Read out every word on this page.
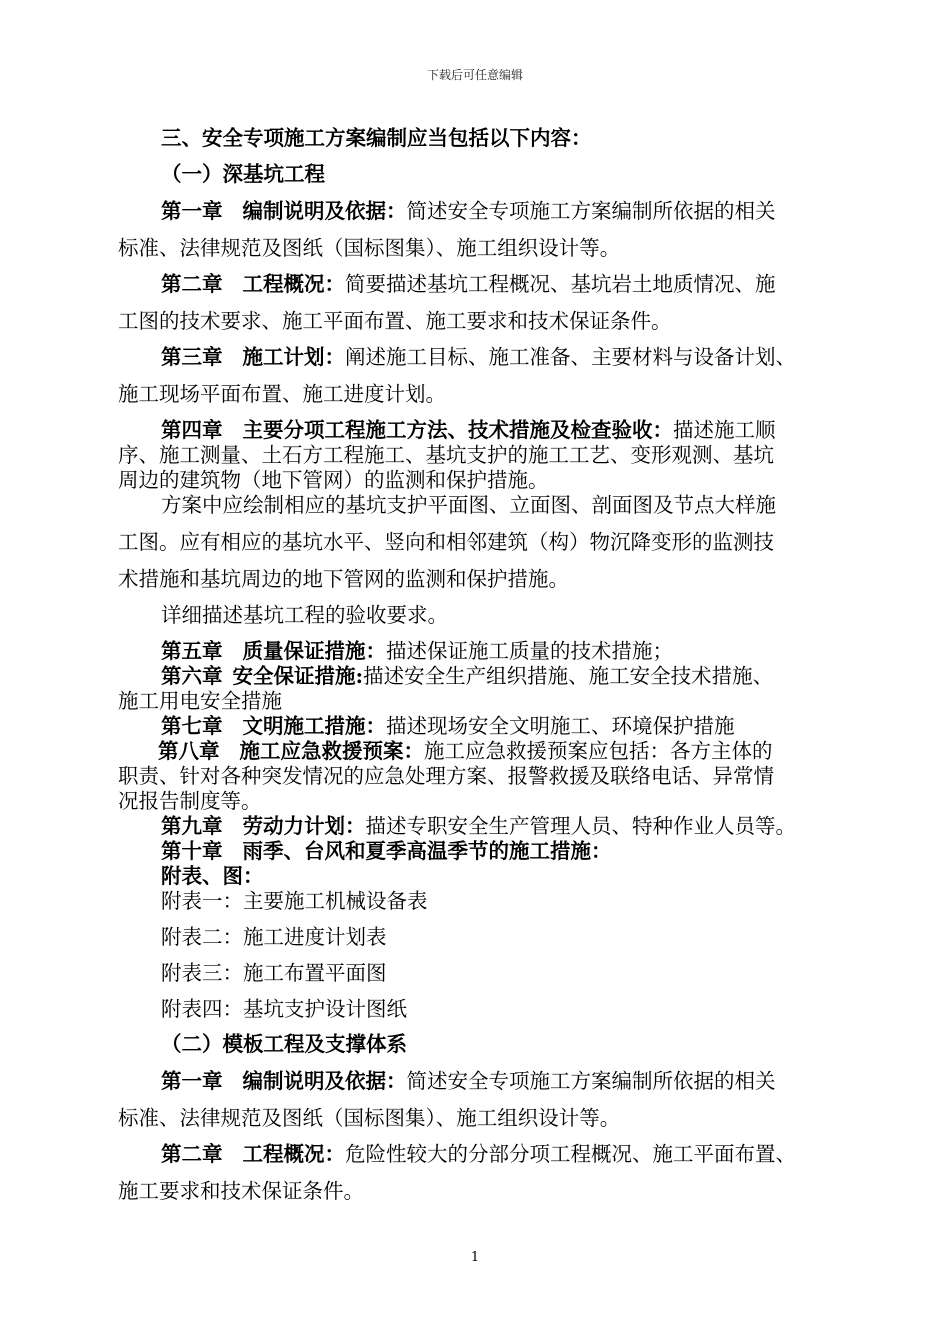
下载后可任意编辑
三、安全专项施工方案编制应当包括以下内容：
（一）深基坑工程
第一章 编制说明及依据：简述安全专项施工方案编制所依据的相关
标准、法律规范及图纸（国标图集）、施工组织设计等。
第二章 工程概况：简要描述基坑工程概况、基坑岩土地质情况、施
工图的技术要求、施工平面布置、施工要求和技术保证条件。
第三章 施工计划：阐述施工目标、施工准备、主要材料与设备计划、
施工现场平面布置、施工进度计划。
第四章 主要分项工程施工方法、技术措施及检查验收：描述施工顺
序、施工测量、土石方工程施工、基坑支护的施工工艺、变形观测、基坑
周边的建筑物（地下管网）的监测和保护措施。
方案中应绘制相应的基坑支护平面图、立面图、剖面图及节点大样施
工图。应有相应的基坑水平、竖向和相邻建筑（构）物沉降变形的监测技
术措施和基坑周边的地下管网的监测和保护措施。
详细描述基坑工程的验收要求。
第五章 质量保证措施：描述保证施工质量的技术措施；
第六章 安全保证措施:描述安全生产组织措施、施工安全技术措施、
施工用电安全措施
第七章 文明施工措施：描述现场安全文明施工、环境保护措施
第八章 施工应急救援预案：施工应急救援预案应包括：各方主体的
职责、针对各种突发情况的应急处理方案、报警救援及联络电话、异常情
况报告制度等。
第九章 劳动力计划：描述专职安全生产管理人员、特种作业人员等。
第十章 雨季、台风和夏季高温季节的施工措施：
附表、图：
附表一：主要施工机械设备表
附表二：施工进度计划表
附表三：施工布置平面图
附表四：基坑支护设计图纸
（二）模板工程及支撑体系
第一章 编制说明及依据：简述安全专项施工方案编制所依据的相关
标准、法律规范及图纸（国标图集）、施工组织设计等。
第二章 工程概况：危险性较大的分部分项工程概况、施工平面布置、
施工要求和技术保证条件。
1
